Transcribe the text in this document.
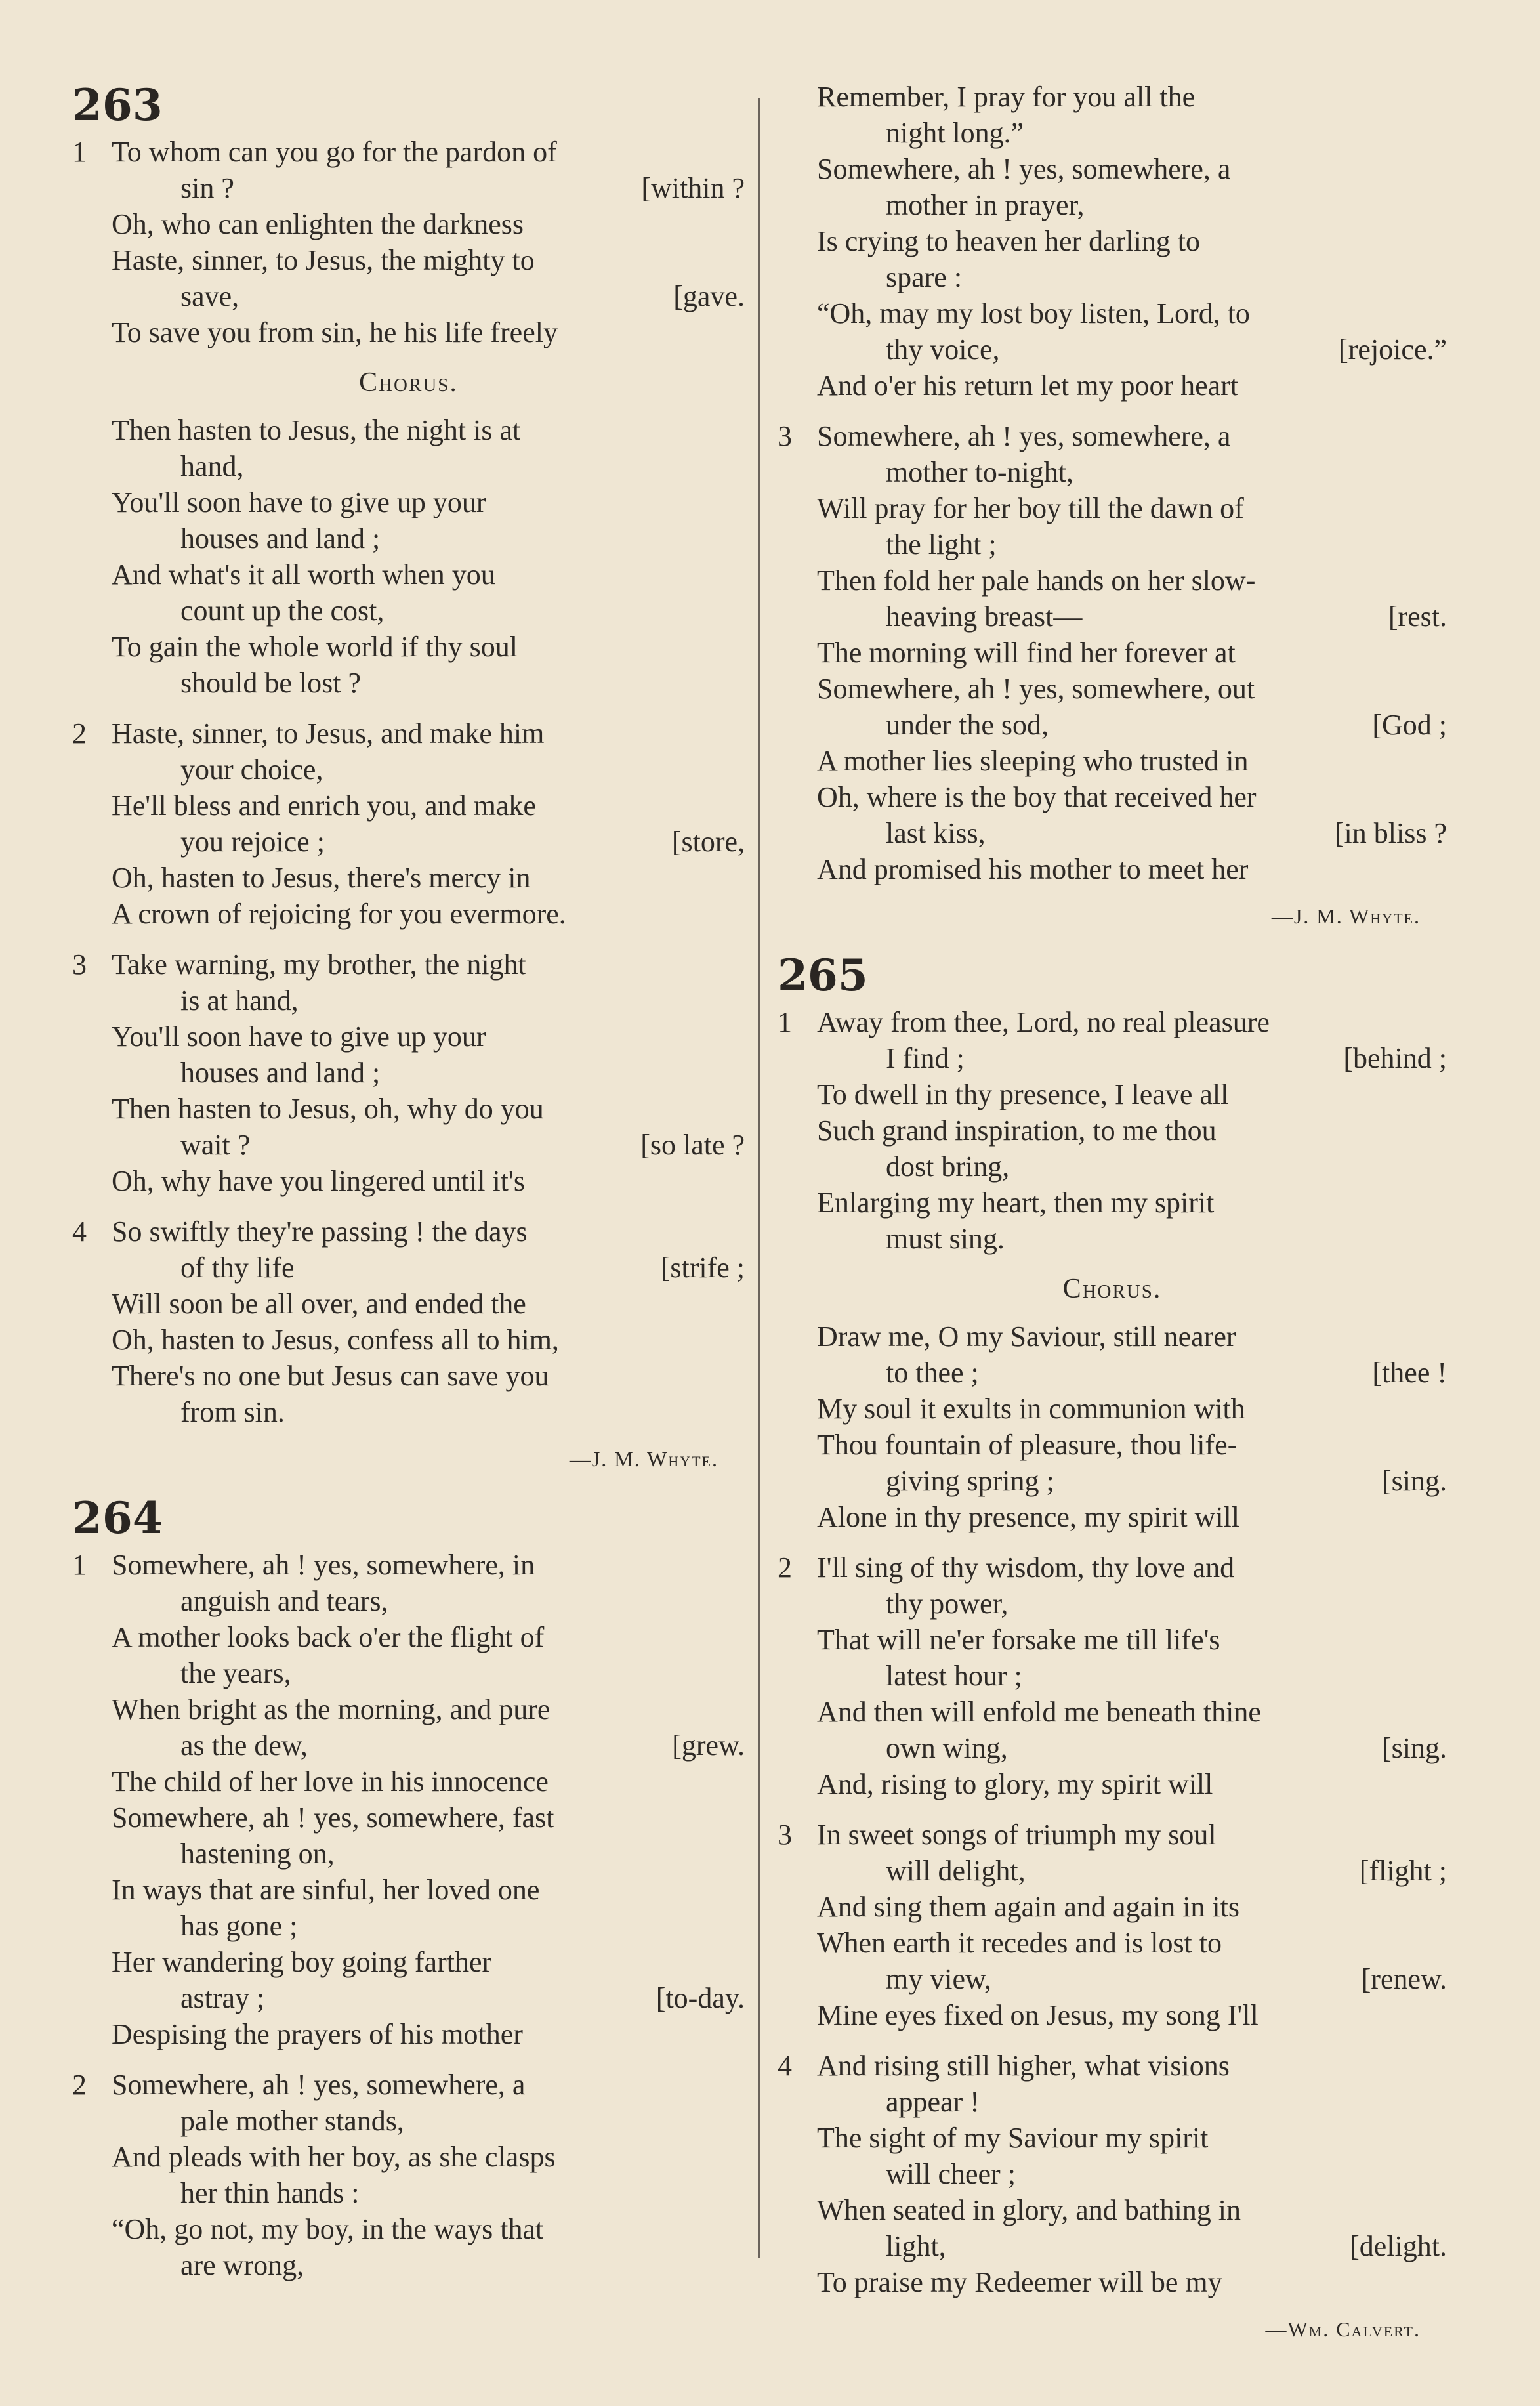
263
1 To whom can you go for the pardon of
sin ?	[within ?
Oh, who can enlighten the darkness
Haste, sinner, to Jesus, the mighty to
save,	[gave.
To save you from sin, he his life freely
Chorus.
Then hasten to Jesus, the night is at
hand,
You'll soon have to give up your
houses and land ;
And what's it all worth when you
count up the cost,
To gain the whole world if thy soul
should be lost ?
2 Haste, sinner, to Jesus, and make him
your choice,
He'll bless and enrich you, and make
you rejoice ;	[store,
Oh, hasten to Jesus, there's mercy in
A crown of rejoicing for you evermore.
3 Take warning, my brother, the night
is at hand,
You'll soon have to give up your
houses and land ;
Then hasten to Jesus, oh, why do you
wait ?	[so late ?
Oh, why have you lingered until it's
4 So swiftly they're passing ! the days
of thy life	[strife ;
Will soon be all over, and ended the
Oh, hasten to Jesus, confess all to him,
There's no one but Jesus can save you
from sin.
—J. M. Whyte.
264
1 Somewhere, ah ! yes, somewhere, in
anguish and tears,
A mother looks back o'er the flight of
the years,
When bright as the morning, and pure
as the dew,	[grew.
The child of her love in his innocence
Somewhere, ah ! yes, somewhere, fast
hastening on,
In ways that are sinful, her loved one
has gone ;
Her wandering boy going farther
astray ;	[to-day.
Despising the prayers of his mother
2 Somewhere, ah ! yes, somewhere, a
pale mother stands,
And pleads with her boy, as she clasps
her thin hands :
“Oh, go not, my boy, in the ways that
are wrong,
Remember, I pray for you all the
night long.”
Somewhere, ah ! yes, somewhere, a
mother in prayer,
Is crying to heaven her darling to
spare :
“Oh, may my lost boy listen, Lord, to
thy voice,	[rejoice.”
And o'er his return let my poor heart
3 Somewhere, ah ! yes, somewhere, a
mother to-night,
Will pray for her boy till the dawn of
the light ;
Then fold her pale hands on her slow-
heaving breast—	[rest.
The morning will find her forever at
Somewhere, ah ! yes, somewhere, out
under the sod,	[God ;
A mother lies sleeping who trusted in
Oh, where is the boy that received her
last kiss,	[in bliss ?
And promised his mother to meet her
—J. M. Whyte.
265
1 Away from thee, Lord, no real pleasure
I find ;	[behind ;
To dwell in thy presence, I leave all
Such grand inspiration, to me thou
dost bring,
Enlarging my heart, then my spirit
must sing.
Chorus.
Draw me, O my Saviour, still nearer
to thee ;	[thee !
My soul it exults in communion with
Thou fountain of pleasure, thou life-
giving spring ;	[sing.
Alone in thy presence, my spirit will
2 I'll sing of thy wisdom, thy love and
thy power,
That will ne'er forsake me till life's
latest hour ;
And then will enfold me beneath thine
own wing,	[sing.
And, rising to glory, my spirit will
3 In sweet songs of triumph my soul
will delight,	[flight ;
And sing them again and again in its
When earth it recedes and is lost to
my view,	[renew.
Mine eyes fixed on Jesus, my song I'll
4 And rising still higher, what visions
appear !
The sight of my Saviour my spirit
will cheer ;
When seated in glory, and bathing in
light,	[delight.
To praise my Redeemer will be my
—Wm. Calvert.
